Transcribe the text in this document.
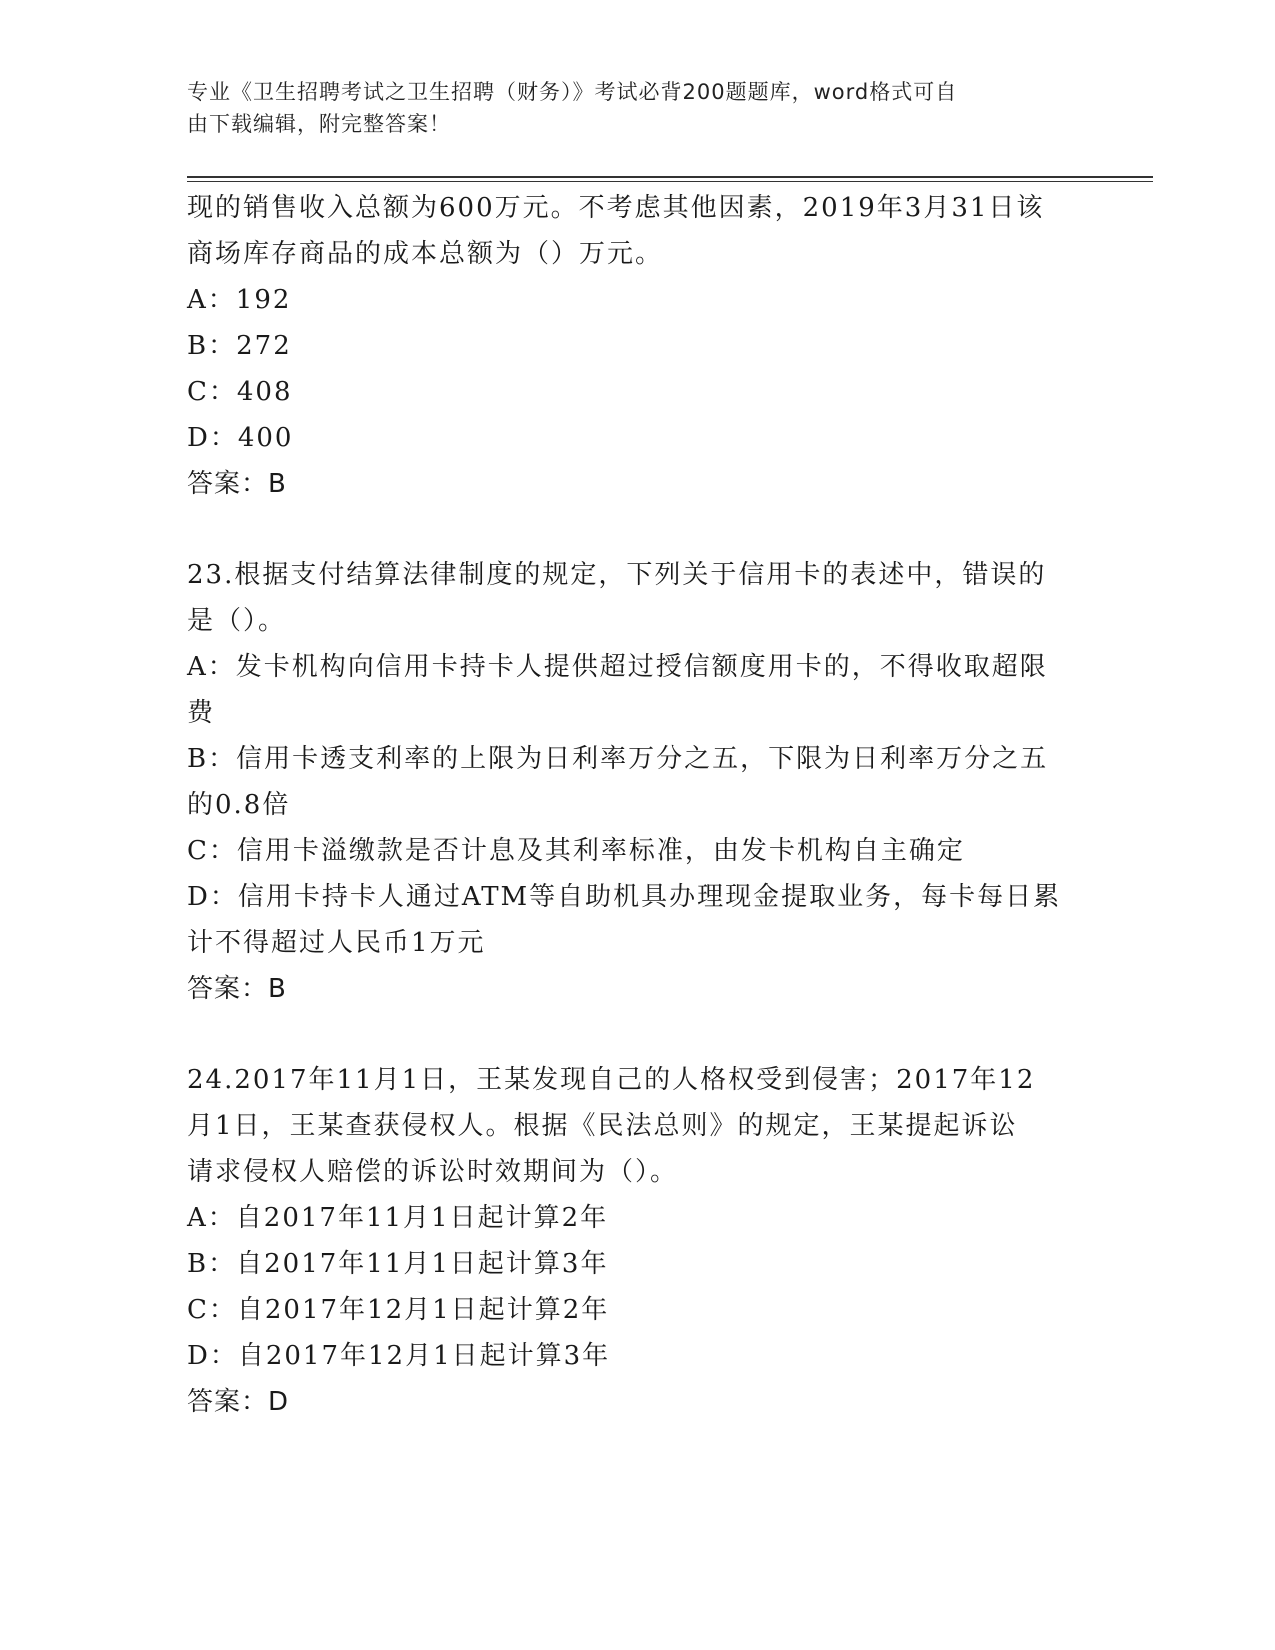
专业《卫生招聘考试之卫生招聘（财务）》考试必背200题题库，word格式可自
由下载编辑，附完整答案！
现的销售收入总额为600万元。不考虑其他因素，2019年3月31日该
商场库存商品的成本总额为（）万元。
A：192
B：272
C：408
D：400
答案：B
23.根据支付结算法律制度的规定，下列关于信用卡的表述中，错误的
是（）。
A：发卡机构向信用卡持卡人提供超过授信额度用卡的，不得收取超限
费
B：信用卡透支利率的上限为日利率万分之五，下限为日利率万分之五
的0.8倍
C：信用卡溢缴款是否计息及其利率标准，由发卡机构自主确定
D：信用卡持卡人通过ATM等自助机具办理现金提取业务，每卡每日累
计不得超过人民币1万元
答案：B
24.2017年11月1日，王某发现自己的人格权受到侵害；2017年12
月1日，王某查获侵权人。根据《民法总则》的规定，王某提起诉讼
请求侵权人赔偿的诉讼时效期间为（）。
A：自2017年11月1日起计算2年
B：自2017年11月1日起计算3年
C：自2017年12月1日起计算2年
D：自2017年12月1日起计算3年
答案：D
